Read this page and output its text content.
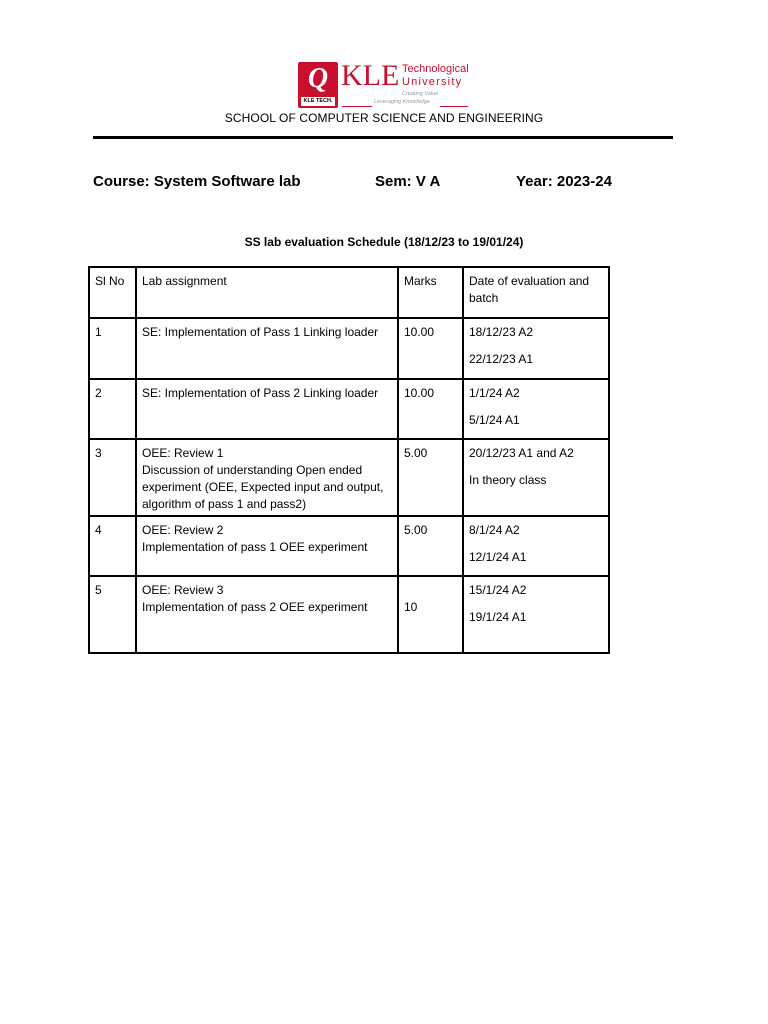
Q
KLE TECH.
KLE Technological
University
Creating Value
Leveraging Knowledge
SCHOOL OF COMPUTER SCIENCE AND ENGINEERING
Course: System Software lab	Sem: V A	Year: 2023-24
SS lab evaluation Schedule (18/12/23 to 19/01/24)
Sl No	Lab assignment	Marks	Date of evaluation and batch
1	SE: Implementation of Pass 1 Linking loader	10.00	18/12/23 A2
22/12/23 A1

2	SE: Implementation of Pass 2 Linking loader	10.00	1/1/24 A2
5/1/24 A1

3	OEE: Review 1
Discussion of understanding Open ended experiment (OEE, Expected input and output, algorithm of pass 1 and pass2)	5.00	20/12/23 A1 and A2
In theory class

4	OEE: Review 2
Implementation of pass 1 OEE experiment	5.00	8/1/24 A2
12/1/24 A1

5	OEE: Review 3
Implementation of pass 2 OEE experiment	10	15/1/24 A2
19/1/24 A1
